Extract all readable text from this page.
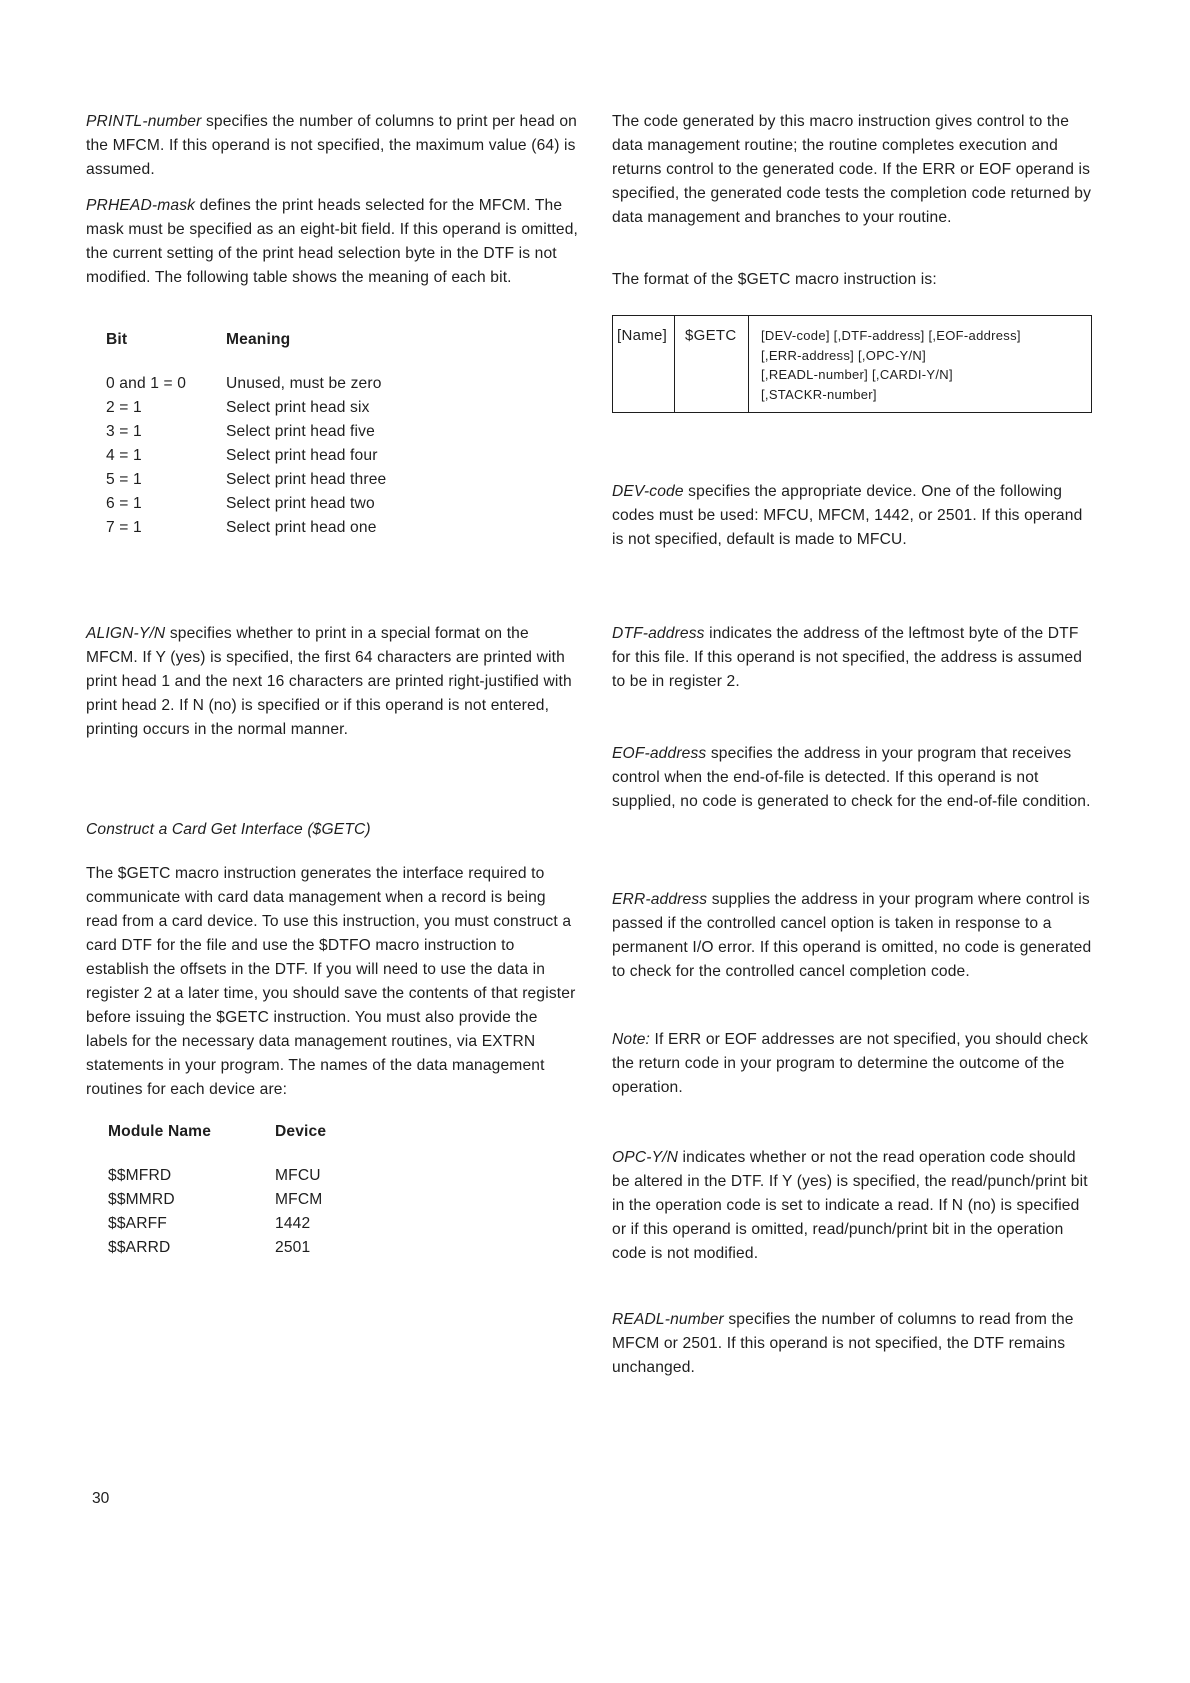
PRINTL-number specifies the number of columns to print per head on the MFCM. If this operand is not specified, the maximum value (64) is assumed.

PRHEAD-mask defines the print heads selected for the MFCM. The mask must be specified as an eight-bit field. If this operand is omitted, the current setting of the print head selection byte in the DTF is not modified. The following table shows the meaning of each bit.

Bit	Meaning
0 and 1 = 0	Unused, must be zero
2 = 1	Select print head six
3 = 1	Select print head five
4 = 1	Select print head four
5 = 1	Select print head three
6 = 1	Select print head two
7 = 1	Select print head one

ALIGN-Y/N specifies whether to print in a special format on the MFCM. If Y (yes) is specified, the first 64 characters are printed with print head 1 and the next 16 characters are printed right-justified with print head 2. If N (no) is specified or if this operand is not entered, printing occurs in the normal manner.

Construct a Card Get Interface ($GETC)

The $GETC macro instruction generates the interface required to communicate with card data management when a record is being read from a card device. To use this instruction, you must construct a card DTF for the file and use the $DTFO macro instruction to establish the offsets in the DTF. If you will need to use the data in register 2 at a later time, you should save the contents of that register before issuing the $GETC instruction. You must also provide the labels for the necessary data management routines, via EXTRN statements in your program. The names of the data management routines for each device are:

Module Name	Device
$$MFRD	MFCU
$$MMRD	MFCM
$$ARFF	1442
$$ARRD	2501

The code generated by this macro instruction gives control to the data management routine; the routine completes execution and returns control to the generated code. If the ERR or EOF operand is specified, the generated code tests the completion code returned by data management and branches to your routine.

The format of the $GETC macro instruction is:

[Name]	$GETC	[DEV-code] [,DTF-address] [,EOF-address]
[,ERR-address] [,OPC-Y/N]
[,READL-number] [,CARDI-Y/N]
[,STACKR-number]

DEV-code specifies the appropriate device. One of the following codes must be used: MFCU, MFCM, 1442, or 2501. If this operand is not specified, default is made to MFCU.

DTF-address indicates the address of the leftmost byte of the DTF for this file. If this operand is not specified, the address is assumed to be in register 2.

EOF-address specifies the address in your program that receives control when the end-of-file is detected. If this operand is not supplied, no code is generated to check for the end-of-file condition.

ERR-address supplies the address in your program where control is passed if the controlled cancel option is taken in response to a permanent I/O error. If this operand is omitted, no code is generated to check for the controlled cancel completion code.

Note: If ERR or EOF addresses are not specified, you should check the return code in your program to determine the outcome of the operation.

OPC-Y/N indicates whether or not the read operation code should be altered in the DTF. If Y (yes) is specified, the read/punch/print bit in the operation code is set to indicate a read. If N (no) is specified or if this operand is omitted, read/punch/print bit in the operation code is not modified.

READL-number specifies the number of columns to read from the MFCM or 2501. If this operand is not specified, the DTF remains unchanged.

30
